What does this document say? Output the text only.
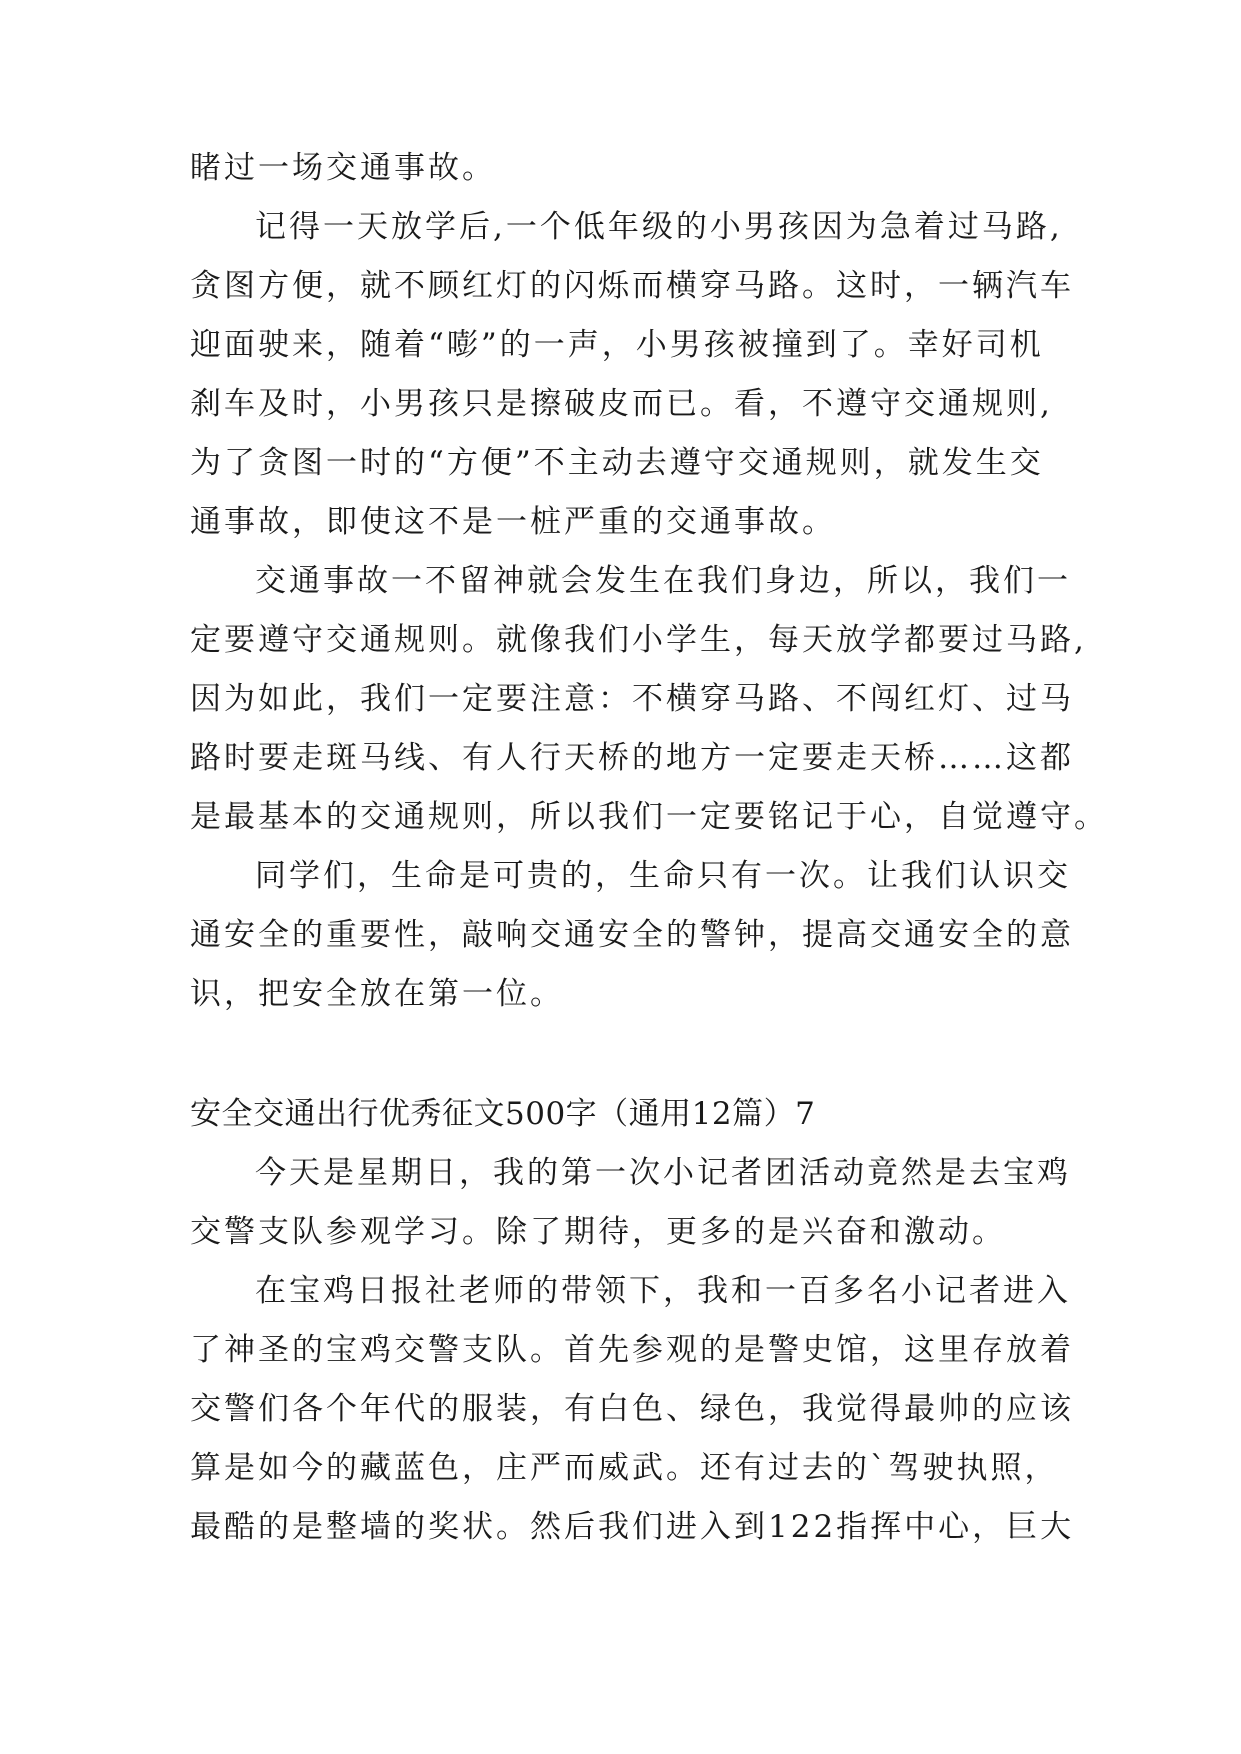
睹过一场交通事故。
记得一天放学后,一个低年级的小男孩因为急着过马路,
贪图方便，就不顾红灯的闪烁而横穿马路。这时，一辆汽车
迎面驶来，随着“嘭”的一声，小男孩被撞到了。幸好司机
刹车及时，小男孩只是擦破皮而已。看，不遵守交通规则,
为了贪图一时的“方便”不主动去遵守交通规则，就发生交
通事故，即使这不是一桩严重的交通事故。
交通事故一不留神就会发生在我们身边，所以，我们一
定要遵守交通规则。就像我们小学生，每天放学都要过马路,
因为如此，我们一定要注意：不横穿马路、不闯红灯、过马
路时要走斑马线、有人行天桥的地方一定要走天桥……这都
是最基本的交通规则，所以我们一定要铭记于心，自觉遵守。
同学们，生命是可贵的，生命只有一次。让我们认识交
通安全的重要性，敲响交通安全的警钟，提高交通安全的意
识，把安全放在第一位。
安全交通出行优秀征文500字（通用12篇）7
今天是星期日，我的第一次小记者团活动竟然是去宝鸡
交警支队参观学习。除了期待，更多的是兴奋和激动。
在宝鸡日报社老师的带领下，我和一百多名小记者进入
了神圣的宝鸡交警支队。首先参观的是警史馆，这里存放着
交警们各个年代的服装，有白色、绿色，我觉得最帅的应该
算是如今的藏蓝色，庄严而威武。还有过去的`驾驶执照，
最酷的是整墙的奖状。然后我们进入到122指挥中心，巨大
